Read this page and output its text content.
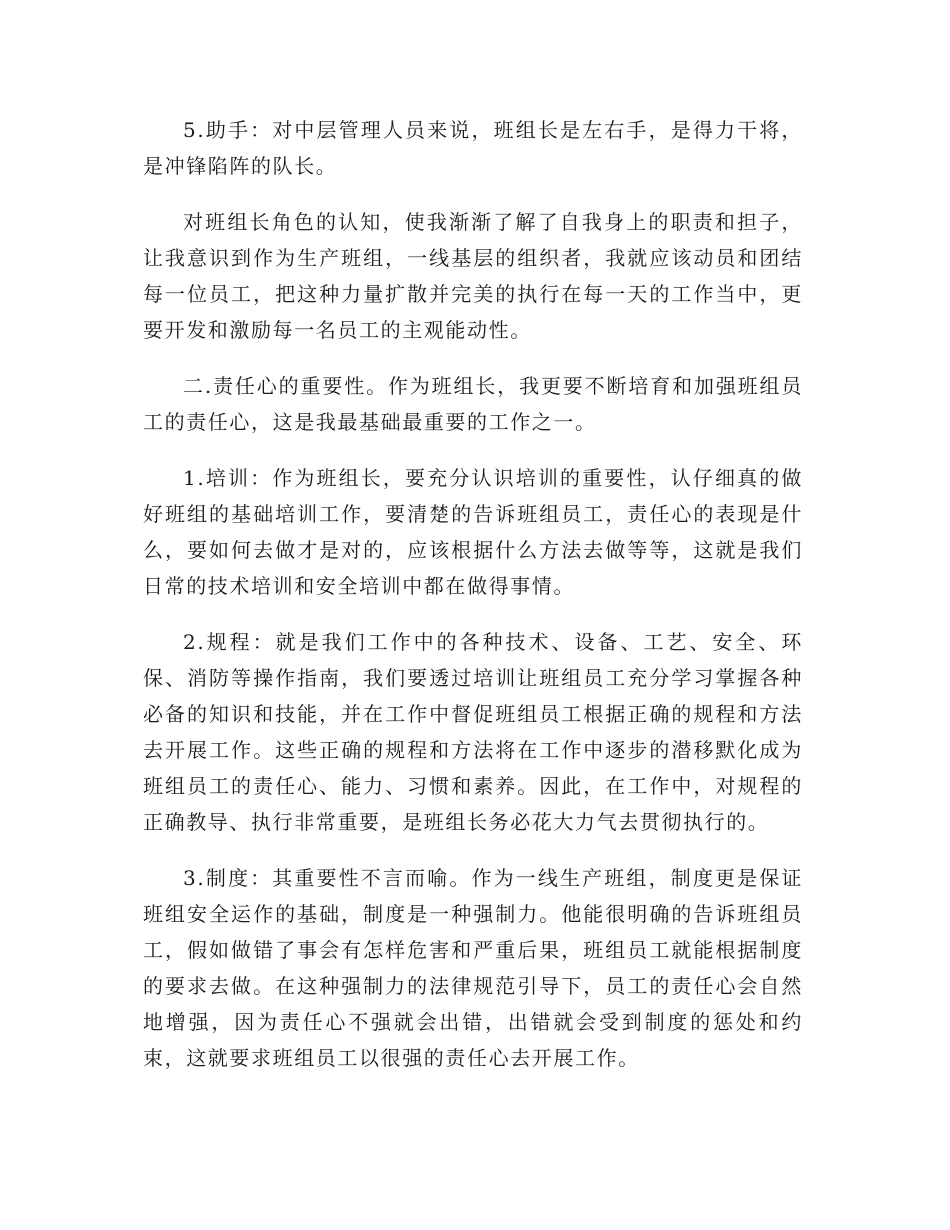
5.助手：对中层管理人员来说，班组长是左右手，是得力干将，是冲锋陷阵的队长。

对班组长角色的认知，使我渐渐了解了自我身上的职责和担子，让我意识到作为生产班组，一线基层的组织者，我就应该动员和团结每一位员工，把这种力量扩散并完美的执行在每一天的工作当中，更要开发和激励每一名员工的主观能动性。

二.责任心的重要性。作为班组长，我更要不断培育和加强班组员工的责任心，这是我最基础最重要的工作之一。

1.培训：作为班组长，要充分认识培训的重要性，认仔细真的做好班组的基础培训工作，要清楚的告诉班组员工，责任心的表现是什么，要如何去做才是对的，应该根据什么方法去做等等，这就是我们日常的技术培训和安全培训中都在做得事情。

2.规程：就是我们工作中的各种技术、设备、工艺、安全、环保、消防等操作指南，我们要透过培训让班组员工充分学习掌握各种必备的知识和技能，并在工作中督促班组员工根据正确的规程和方法去开展工作。这些正确的规程和方法将在工作中逐步的潜移默化成为班组员工的责任心、能力、习惯和素养。因此，在工作中，对规程的正确教导、执行非常重要，是班组长务必花大力气去贯彻执行的。

3.制度：其重要性不言而喻。作为一线生产班组，制度更是保证班组安全运作的基础，制度是一种强制力。他能很明确的告诉班组员工，假如做错了事会有怎样危害和严重后果，班组员工就能根据制度的要求去做。在这种强制力的法律规范引导下，员工的责任心会自然地增强，因为责任心不强就会出错，出错就会受到制度的惩处和约束，这就要求班组员工以很强的责任心去开展工作。
